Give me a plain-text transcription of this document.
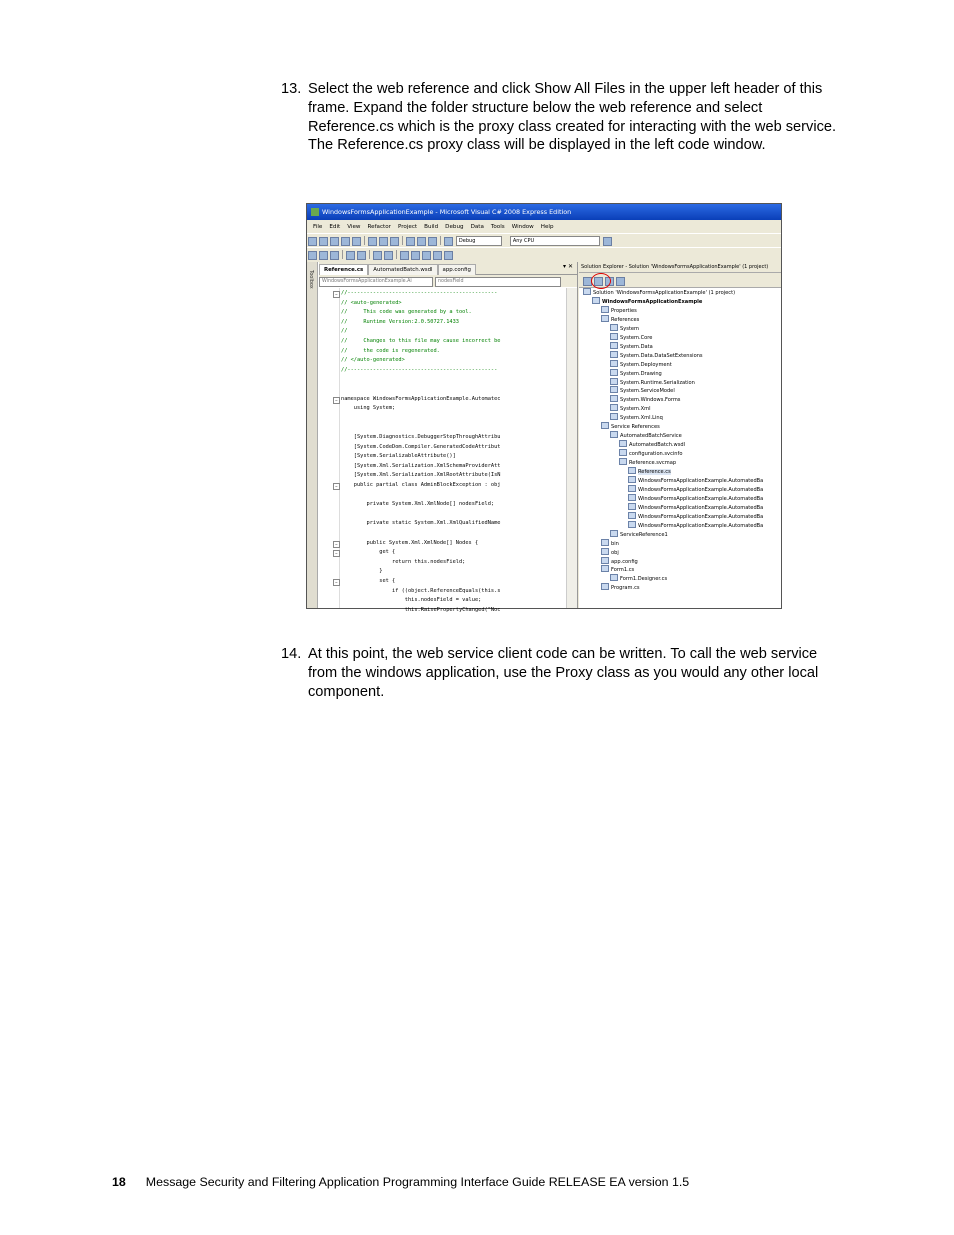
13. Select the web reference and click Show All Files in the upper left header of this frame. Expand the folder structure below the web reference and select Reference.cs which is the proxy class created for interacting with the web service. The Reference.cs proxy class will be displayed in the left code window.
WindowsFormsApplicationExample - Microsoft Visual C# 2008 Express Edition
File Edit View Refactor Project Build Debug Data Tools Window Help
Debug	Any CPU
Toolbox	Reference.cs AutomatedBatch.wsdl app.config	▾ ✕
WindowsFormsApplicationExample.Ai	nodesField
//-----------------------------------------------
−
// <auto-generated>
//     This code was generated by a tool.
//     Runtime Version:2.0.50727.1433
//
//     Changes to this file may cause incorrect be
//     the code is regenerated.
// </auto-generated>
//-----------------------------------------------
namespace WindowsFormsApplicationExample.Automatec
−
using System;
[System.Diagnostics.DebuggerStepThroughAttribu
[System.CodeDom.Compiler.GeneratedCodeAttribut
[System.SerializableAttribute()]
[System.Xml.Serialization.XmlSchemaProviderAtt
[System.Xml.Serialization.XmlRootAttribute(IsN
public partial class AdminBlockException : obj
−
private System.Xml.XmlNode[] nodesField;
private static System.Xml.XmlQualifiedName
public System.Xml.XmlNode[] Nodes {
−
get {
−
return this.nodesField;
}
set {
−
if ((object.ReferenceEquals(this.s
this.nodesField = value;
this.RaisePropertyChanged("Noc
Solution Explorer - Solution 'WindowsFormsApplicationExample' (1 project)
Solution 'WindowsFormsApplicationExample' (1 project)
WindowsFormsApplicationExample
Properties
References
System
System.Core
System.Data
System.Data.DataSetExtensions
System.Deployment
System.Drawing
System.Runtime.Serialization
System.ServiceModel
System.Windows.Forms
System.Xml
System.Xml.Linq
Service References
AutomatedBatchService
AutomatedBatch.wsdl
configuration.svcinfo
Reference.svcmap
Reference.cs
WindowsFormsApplicationExample.AutomatedBa
WindowsFormsApplicationExample.AutomatedBa
WindowsFormsApplicationExample.AutomatedBa
WindowsFormsApplicationExample.AutomatedBa
WindowsFormsApplicationExample.AutomatedBa
WindowsFormsApplicationExample.AutomatedBa
ServiceReference1
bin
obj
app.config
Form1.cs
Form1.Designer.cs
Program.cs
14. At this point, the web service client code can be written. To call the web service from the windows application, use the Proxy class as you would any other local component.
18 Message Security and Filtering Application Programming Interface Guide RELEASE EA version 1.5
